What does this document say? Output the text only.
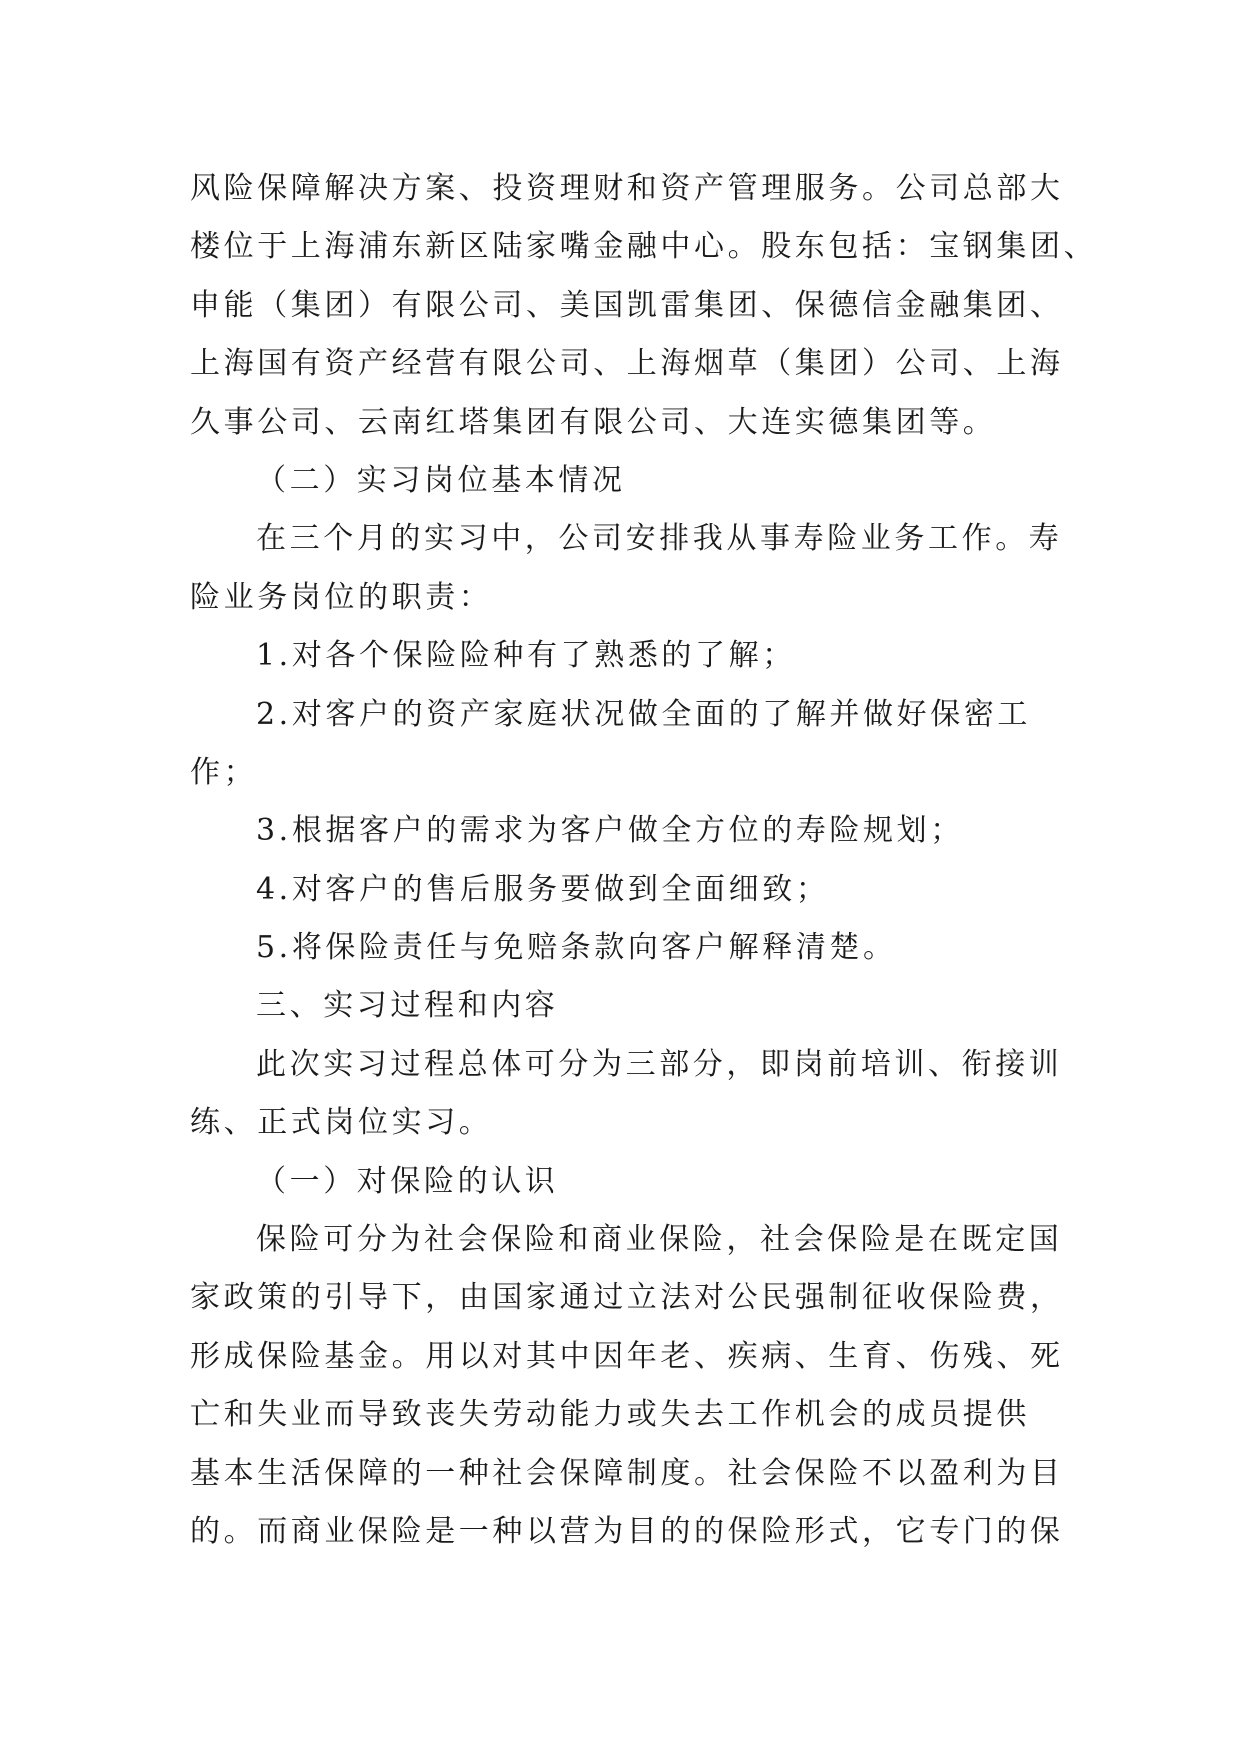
风险保障解决方案、投资理财和资产管理服务。公司总部大
楼位于上海浦东新区陆家嘴金融中心。股东包括：宝钢集团、
申能（集团）有限公司、美国凯雷集团、保德信金融集团、
上海国有资产经营有限公司、上海烟草（集团）公司、上海
久事公司、云南红塔集团有限公司、大连实德集团等。
（二）实习岗位基本情况
在三个月的实习中，公司安排我从事寿险业务工作。寿
险业务岗位的职责：
1.对各个保险险种有了熟悉的了解；
2.对客户的资产家庭状况做全面的了解并做好保密工
作；
3.根据客户的需求为客户做全方位的寿险规划；
4.对客户的售后服务要做到全面细致；
5.将保险责任与免赔条款向客户解释清楚。
三、实习过程和内容
此次实习过程总体可分为三部分，即岗前培训、衔接训
练、正式岗位实习。
（一）对保险的认识
保险可分为社会保险和商业保险，社会保险是在既定国
家政策的引导下，由国家通过立法对公民强制征收保险费，
形成保险基金。用以对其中因年老、疾病、生育、伤残、死
亡和失业而导致丧失劳动能力或失去工作机会的成员提供
基本生活保障的一种社会保障制度。社会保险不以盈利为目
的。而商业保险是一种以营为目的的保险形式，它专门的保
